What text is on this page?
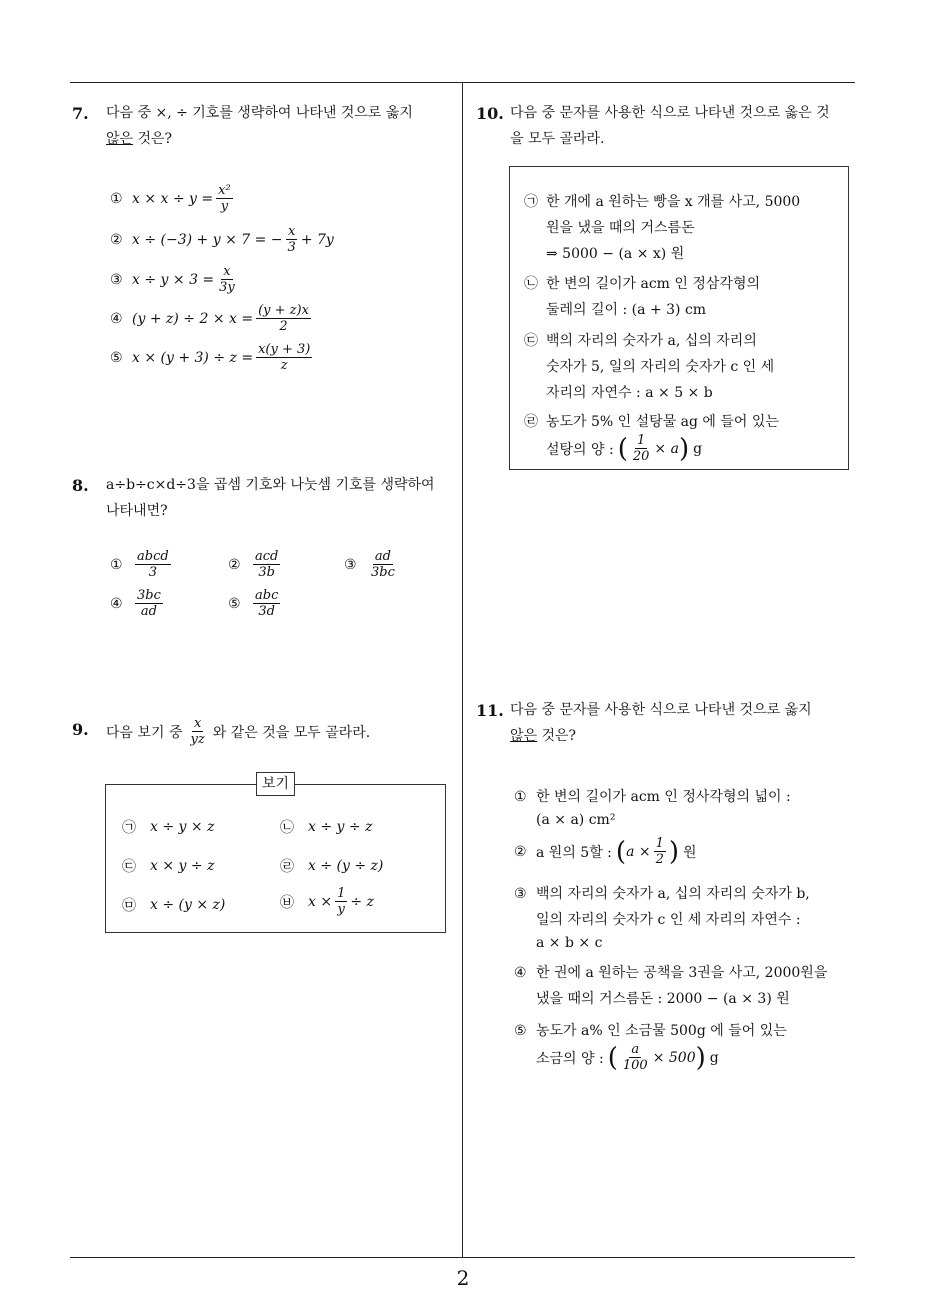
7. 다음 중 ×, ÷ 기호를 생략하여 나타낸 것으로 옳지
않은 것은?
① $x \times x \div y = \frac{\text{x²}}{y}$
② x ÷ (−3) + y × 7 = − $\frac{x}{3} + 7y$
③ $x \div y \times 3 = \frac{x}{3y}$
④ $(y + z) \div 2 \times x = \frac{(y + z)x}{2}$
⑤ $x \times (y + 3) \div z = \frac{x(y + 3)}{z}$
8. a÷b÷c×d÷3을 곱셈 기호와 나눗셈 기호를 생략하여
나타내면?
① $\frac{\text{abcd}}{3}$	② $\frac{\text{acd}}{3b}$	③ $\frac{ad}{3bc}$
④ $\frac{3bc}{ad}$	⑤ $\frac{\text{abc}}{3d}$
9. 다음 보기 중 $\frac{x}{yz}$ 와 같은 것을 모두 골라라.
보기
㉠	x ÷ y × z	㉡	x ÷ y ÷ z
㉢	x × y ÷ z	㉣	x ÷ (y ÷ z)
㉤	x ÷ (y × z)	㉥	$x \times \frac{1}{y} \div z$
10. 다음 중 문자를 사용한 식으로 나타낸 것으로 옳은 것
을 모두 골라라.
㉠ 한 개에 a 원하는 빵을 x 개를 사고, 5000
원을 냈을 때의 거스름돈
⇒ 5000 − (a × x) 원
㉡ 한 변의 길이가 acm 인 정삼각형의
둘레의 길이 : (a + 3) cm
㉢ 백의 자리의 숫자가 a, 십의 자리의
숫자가 5, 일의 자리의 숫자가 c 인 세
자리의 자연수 : a × 5 × b
㉣ 농도가 5% 인 설탕물 ag 에 들어 있는
설탕의 양 : ( $\frac{1}{20} \times a$ ) g
11. 다음 중 문자를 사용한 식으로 나타낸 것으로 옳지
않은 것은?
① 한 변의 길이가 acm 인 정사각형의 넓이 :
(a × a) cm²
② a 원의 5할 : ( $a \times \frac{1}{2}$ ) 원
③ 백의 자리의 숫자가 a, 십의 자리의 숫자가 b,
일의 자리의 숫자가 c 인 세 자리의 자연수 :
a × b × c
④ 한 권에 a 원하는 공책을 3권을 사고, 2000원을
냈을 때의 거스름돈 : 2000 − (a × 3) 원
⑤ 농도가 a% 인 소금물 500g 에 들어 있는
소금의 양 : ( $\frac{a}{100} \times 500$ ) g
2
